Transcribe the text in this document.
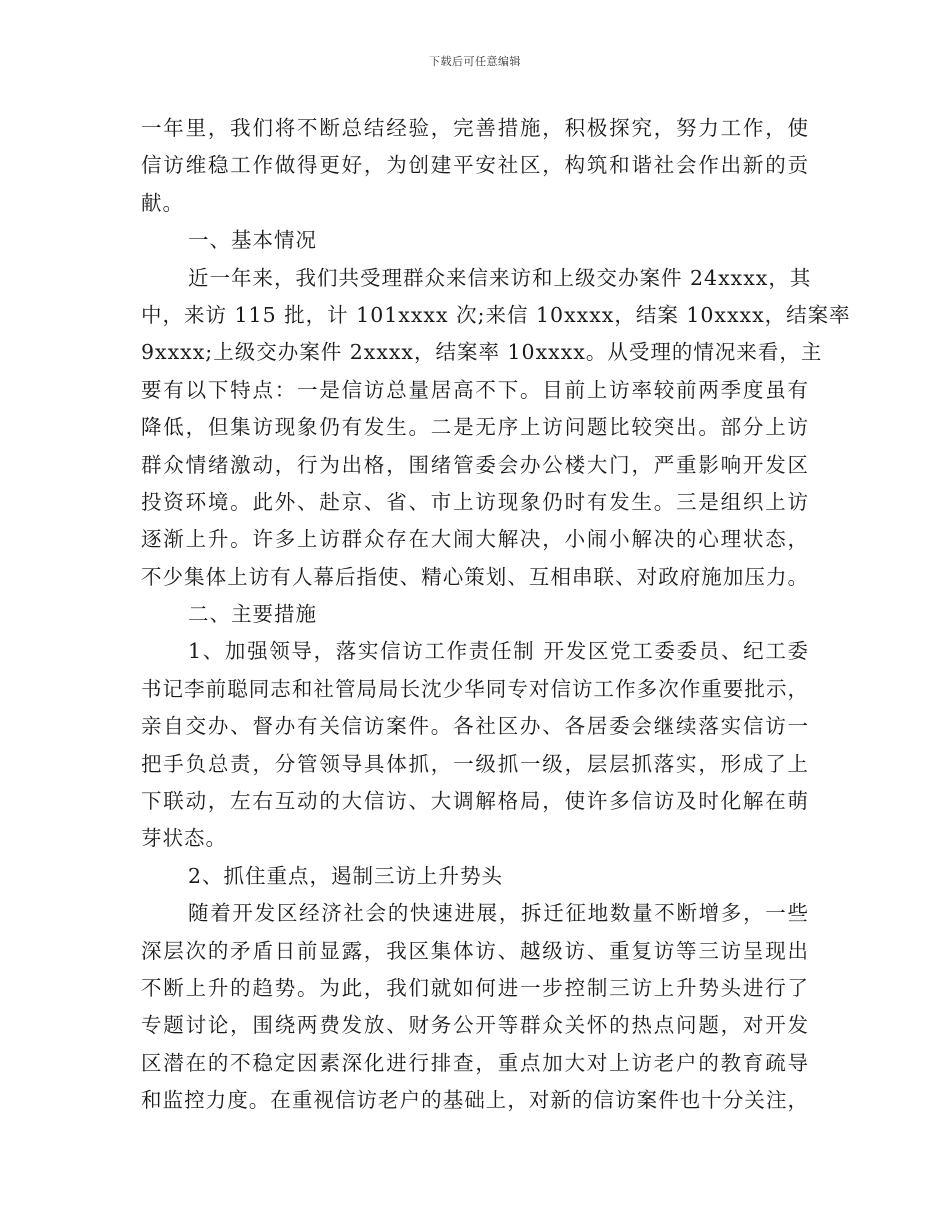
下载后可任意编辑
一年里，我们将不断总结经验，完善措施，积极探究，努力工作，使
信访维稳工作做得更好，为创建平安社区，构筑和谐社会作出新的贡
献。
一、基本情况
近一年来，我们共受理群众来信来访和上级交办案件 24xxxx，其
中，来访 115 批，计 101xxxx 次;来信 10xxxx，结案 10xxxx，结案率
9xxxx;上级交办案件 2xxxx，结案率 10xxxx。从受理的情况来看，主
要有以下特点：一是信访总量居高不下。目前上访率较前两季度虽有
降低，但集访现象仍有发生。二是无序上访问题比较突出。部分上访
群众情绪激动，行为出格，围绪管委会办公楼大门，严重影响开发区
投资环境。此外、赴京、省、市上访现象仍时有发生。三是组织上访
逐渐上升。许多上访群众存在大闹大解决，小闹小解决的心理状态，
不少集体上访有人幕后指使、精心策划、互相串联、对政府施加压力。
二、主要措施
1、加强领导，落实信访工作责任制 开发区党工委委员、纪工委
书记李前聪同志和社管局局长沈少华同专对信访工作多次作重要批示，
亲自交办、督办有关信访案件。各社区办、各居委会继续落实信访一
把手负总责，分管领导具体抓，一级抓一级，层层抓落实，形成了上
下联动，左右互动的大信访、大调解格局，使许多信访及时化解在萌
芽状态。
2、抓住重点，遏制三访上升势头
随着开发区经济社会的快速进展，拆迁征地数量不断增多，一些
深层次的矛盾日前显露，我区集体访、越级访、重复访等三访呈现出
不断上升的趋势。为此，我们就如何进一步控制三访上升势头进行了
专题讨论，围绕两费发放、财务公开等群众关怀的热点问题，对开发
区潜在的不稳定因素深化进行排查，重点加大对上访老户的教育疏导
和监控力度。在重视信访老户的基础上，对新的信访案件也十分关注，
